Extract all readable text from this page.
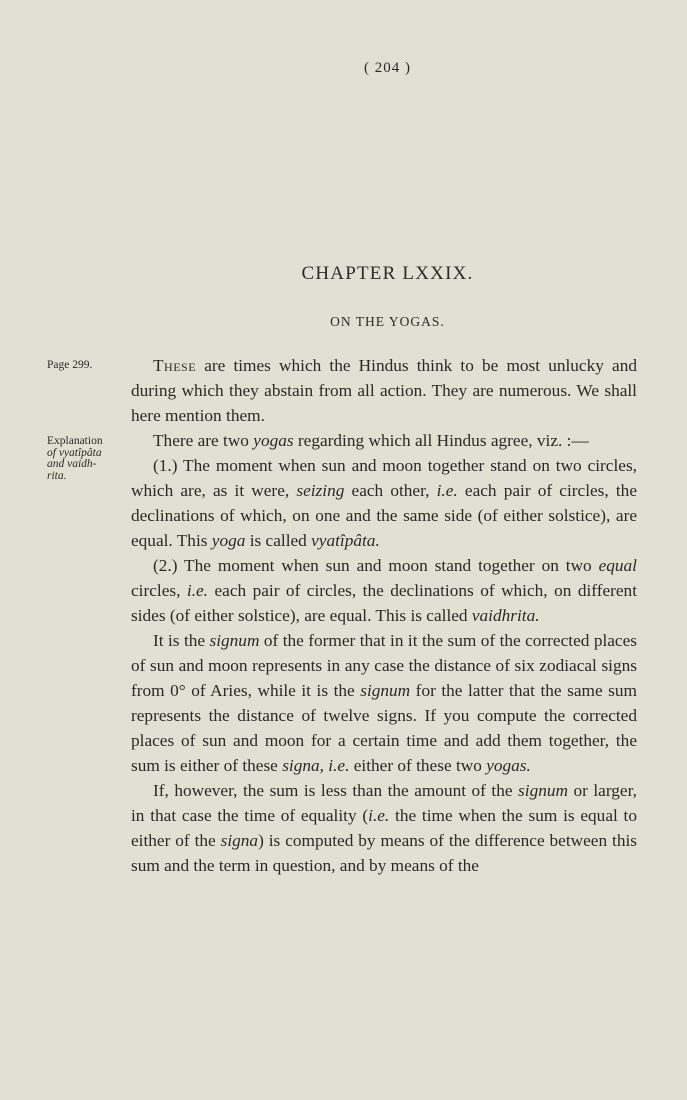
( 204 )
CHAPTER LXXIX.
ON THE YOGAS.
Page 299.
Explanation
of vyatîpâta
and vaidh-
rita.

These are times which the Hindus think to be most unlucky and during which they abstain from all action. They are numerous. We shall here mention them.

There are two yogas regarding which all Hindus agree, viz. :—

(1.) The moment when sun and moon together stand on two circles, which are, as it were, seizing each other, i.e. each pair of circles, the declinations of which, on one and the same side (of either solstice), are equal. This yoga is called vyatîpâta.

(2.) The moment when sun and moon stand together on two equal circles, i.e. each pair of circles, the declinations of which, on different sides (of either solstice), are equal. This is called vaidhrita.

It is the signum of the former that in it the sum of the corrected places of sun and moon represents in any case the distance of six zodiacal signs from 0° of Aries, while it is the signum for the latter that the same sum represents the distance of twelve signs. If you compute the corrected places of sun and moon for a certain time and add them together, the sum is either of these signa, i.e. either of these two yogas.

If, however, the sum is less than the amount of the signum or larger, in that case the time of equality (i.e. the time when the sum is equal to either of the signa) is computed by means of the difference between this sum and the term in question, and by means of the
